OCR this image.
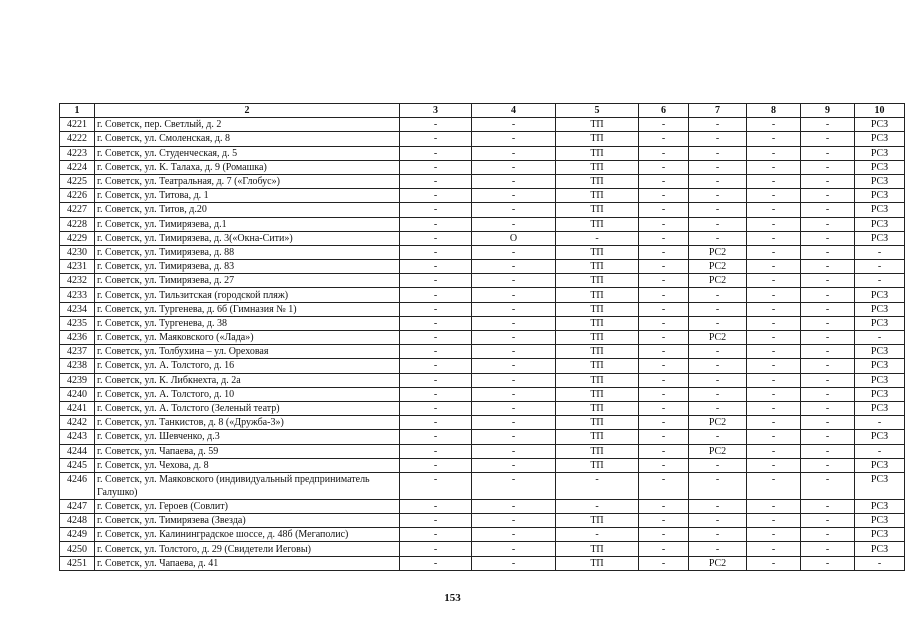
1	2	3	4	5	6	7	8	9	10
4221	г. Советск, пер. Светлый, д. 2	-	-	ТП	-	-	-	-	РСЗ
4222	г. Советск, ул. Смоленская, д. 8	-	-	ТП	-	-	-	-	РСЗ
4223	г. Советск, ул. Студенческая, д. 5	-	-	ТП	-	-	-	-	РСЗ
4224	г. Советск, ул. К. Талаха, д. 9 (Ромашка)	-	-	ТП	-	-	-	-	РСЗ
4225	г. Советск, ул. Театральная, д. 7 («Глобус»)	-	-	ТП	-	-	-	-	РСЗ
4226	г. Советск, ул. Титова, д. 1	-	-	ТП	-	-	-	-	РСЗ
4227	г. Советск, ул. Титов, д.20	-	-	ТП	-	-	-	-	РСЗ
4228	г. Советск, ул. Тимирязева, д.1	-	-	ТП	-	-	-	-	РСЗ
4229	г. Советск, ул. Тимирязева, д. 3(«Окна-Сити»)	-	О	-	-	-	-	-	РСЗ
4230	г. Советск, ул. Тимирязева, д. 88	-	-	ТП	-	РС2	-	-	-
4231	г. Советск, ул. Тимирязева, д. 83	-	-	ТП	-	РС2	-	-	-
4232	г. Советск, ул. Тимирязева, д. 27	-	-	ТП	-	РС2	-	-	-
4233	г. Советск, ул. Тильзитская (городской пляж)	-	-	ТП	-	-	-	-	РСЗ
4234	г. Советск, ул. Тургенева, д. 6б (Гимназия № 1)	-	-	ТП	-	-	-	-	РСЗ
4235	г. Советск, ул. Тургенева, д. 38	-	-	ТП	-	-	-	-	РСЗ
4236	г. Советск, ул. Маяковского («Лада»)	-	-	ТП	-	РС2	-	-	-
4237	г. Советск, ул. Толбухина – ул. Ореховая	-	-	ТП	-	-	-	-	РСЗ
4238	г. Советск, ул. А. Толстого, д. 16	-	-	ТП	-	-	-	-	РСЗ
4239	г. Советск, ул. К. Либкнехта, д. 2а	-	-	ТП	-	-	-	-	РСЗ
4240	г. Советск, ул. А. Толстого, д. 10	-	-	ТП	-	-	-	-	РСЗ
4241	г. Советск, ул. А. Толстого (Зеленый театр)	-	-	ТП	-	-	-	-	РСЗ
4242	г. Советск, ул. Танкистов, д. 8 («Дружба-3»)	-	-	ТП	-	РС2	-	-	-
4243	г. Советск, ул. Шевченко, д.3	-	-	ТП	-	-	-	-	РСЗ
4244	г. Советск, ул. Чапаева, д. 59	-	-	ТП	-	РС2	-	-	-
4245	г. Советск, ул. Чехова, д. 8	-	-	ТП	-	-	-	-	РСЗ
4246	г. Советск, ул. Маяковского (индивидуальный предприниматель Галушко)	-	-	-	-	-	-	-	РСЗ
4247	г. Советск, ул. Героев (Совлит)	-	-	-	-	-	-	-	РСЗ
4248	г. Советск, ул. Тимирязева (Звезда)	-	-	ТП	-	-	-	-	РСЗ
4249	г. Советск, ул. Калининградское шоссе, д. 48б (Мегаполис)	-	-	-	-	-	-	-	РСЗ
4250	г. Советск, ул. Толстого, д. 29 (Свидетели Иеговы)	-	-	ТП	-	-	-	-	РСЗ
4251	г. Советск, ул. Чапаева, д. 41	-	-	ТП	-	РС2	-	-	-
153
